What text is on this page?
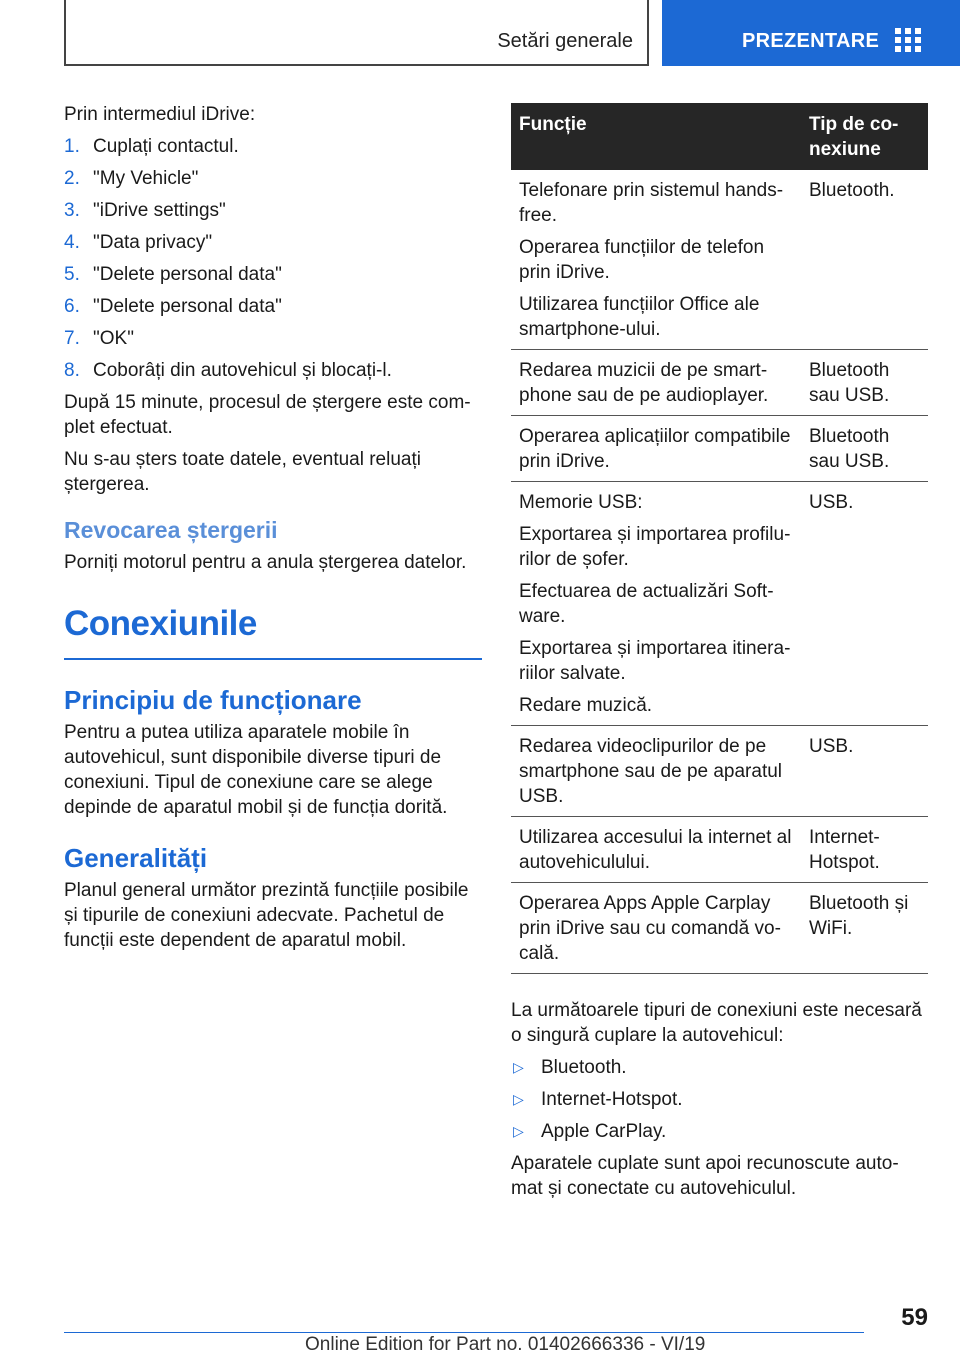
Setări generale	PREZENTARE

Prin intermediul iDrive:

1. Cuplați contactul.
2. "My Vehicle"
3. "iDrive settings"
4. "Data privacy"
5. "Delete personal data"
6. "Delete personal data"
7. "OK"
8. Coborâți din autovehicul și blocați-l.

După 15 minute, procesul de ștergere este com-plet efectuat.

Nu s-au șters toate datele, eventual reluați ștergerea.

Revocarea ștergerii

Porniți motorul pentru a anula ștergerea datelor.

Conexiunile
Principiu de funcționare

Pentru a putea utiliza aparatele mobile în autovehicul, sunt disponibile diverse tipuri de conexiuni. Tipul de conexiune care se alege depinde de aparatul mobil și de funcția dorită.

Generalități

Planul general următor prezintă funcțiile posibile și tipurile de conexiuni adecvate. Pachetul de funcții este dependent de aparatul mobil.

Funcție	Tip de co-nexiune

Telefonare prin sistemul hands-free.
Operarea funcțiilor de telefon prin iDrive.
Utilizarea funcțiilor Office ale smartphone-ului.	Bluetooth.

Redarea muzicii de pe smart-phone sau de pe audioplayer.	Bluetooth sau USB.

Operarea aplicațiilor compatibile prin iDrive.	Bluetooth sau USB.

Memorie USB:
Exportarea și importarea profilu-rilor de șofer.
Efectuarea de actualizări Soft-ware.
Exportarea și importarea itinera-riilor salvate.
Redare muzică.	USB.

Redarea videoclipurilor de pe smartphone sau de pe aparatul USB.	USB.

Utilizarea accesului la internet al autovehiculului.	Internet-Hotspot.

Operarea Apps Apple Carplay prin iDrive sau cu comandă vo-cală.	Bluetooth și WiFi.

La următoarele tipuri de conexiuni este necesară o singură cuplare la autovehicul:

▷ Bluetooth.
▷ Internet-Hotspot.
▷ Apple CarPlay.

Aparatele cuplate sunt apoi recunoscute auto-mat și conectate cu autovehiculul.

59
Online Edition for Part no. 01402666336 - VI/19
